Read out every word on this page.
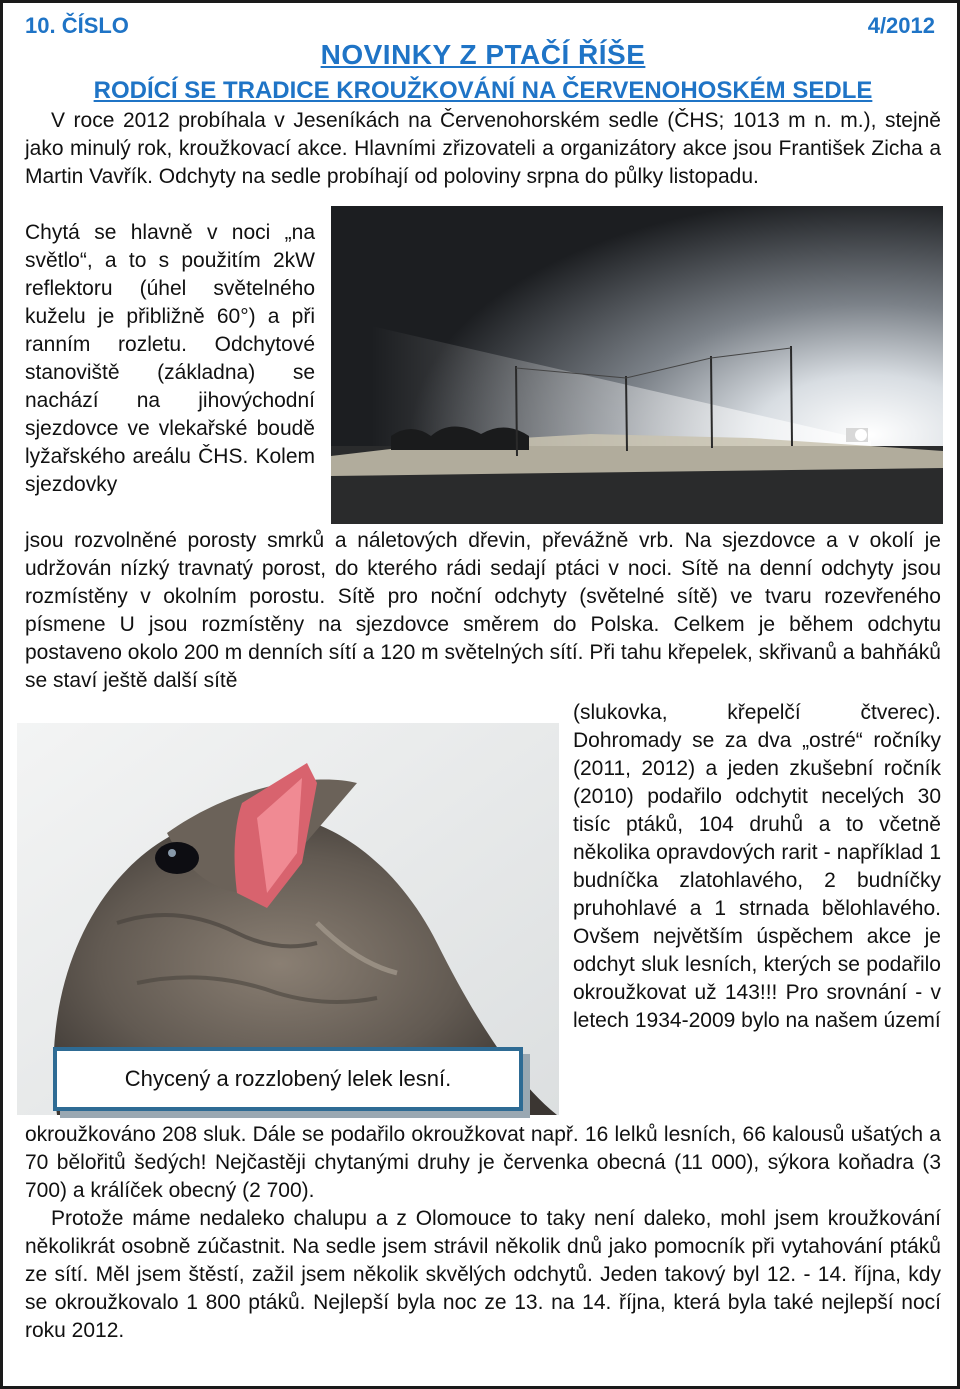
10. ČÍSLO	4/2012
NOVINKY Z PTAČÍ ŘÍŠE
RODÍCÍ SE TRADICE KROUŽKOVÁNÍ NA ČERVENOHOSKÉM SEDLE

V roce 2012 probíhala v Jeseníkách na Červenohorském sedle (ČHS; 1013 m n. m.), stejně jako minulý rok, kroužkovací akce. Hlavními zřizovateli a organizátory akce jsou František Zicha a Martin Vavřík. Odchyty na sedle probíhají od poloviny srpna do půlky listopadu.

Chytá se hlavně v noci „na světlo“, a to s použitím 2kW reflektoru (úhel světelného kuželu je přibližně 60°) a při ranním rozletu. Odchytové stanoviště (základna) se nachází na jihovýchodní sjezdovce ve vlekařské boudě lyžařského areálu ČHS. Kolem sjezdovky

jsou rozvolněné porosty smrků a náletových dřevin, převážně vrb. Na sjezdovce a v okolí je udržován nízký travnatý porost, do kterého rádi sedají ptáci v noci. Sítě na denní odchyty jsou rozmístěny v okolním porostu. Sítě pro noční odchyty (světelné sítě) ve tvaru rozevřeného písmene U jsou rozmístěny na sjezdovce směrem do Polska. Celkem je během odchytu postaveno okolo 200 m denních sítí a 120 m světelných sítí. Při tahu křepelek, skřivanů a bahňáků se staví ještě další sítě

Chycený a rozzlobený lelek lesní.

(slukovka, křepelčí čtverec). Dohromady se za dva „ostré“ ročníky (2011, 2012) a jeden zkušební ročník (2010) podařilo odchytit necelých 30 tisíc ptáků, 104 druhů a to včetně několika opravdových rarit - například 1 budníčka zlatohlavého, 2 budníčky pruhohlavé a 1 strnada bělohlavého. Ovšem největším úspěchem akce je odchyt sluk lesních, kterých se podařilo okroužkovat už 143!!! Pro srovnání - v letech 1934-2009 bylo na našem území

okroužkováno 208 sluk. Dále se podařilo okroužkovat např. 16 lelků lesních, 66 kalousů ušatých a 70 bělořitů šedých! Nejčastěji chytanými druhy je červenka obecná (11 000), sýkora koňadra (3 700) a králíček obecný (2 700).

Protože máme nedaleko chalupu a z Olomouce to taky není daleko, mohl jsem kroužkování několikrát osobně zúčastnit. Na sedle jsem strávil několik dnů jako pomocník při vytahování ptáků ze sítí. Měl jsem štěstí, zažil jsem několik skvělých odchytů. Jeden takový byl 12. - 14. října, kdy se okroužkovalo 1 800 ptáků. Nejlepší byla noc ze 13. na 14. října, která byla také nejlepší nocí roku 2012.
